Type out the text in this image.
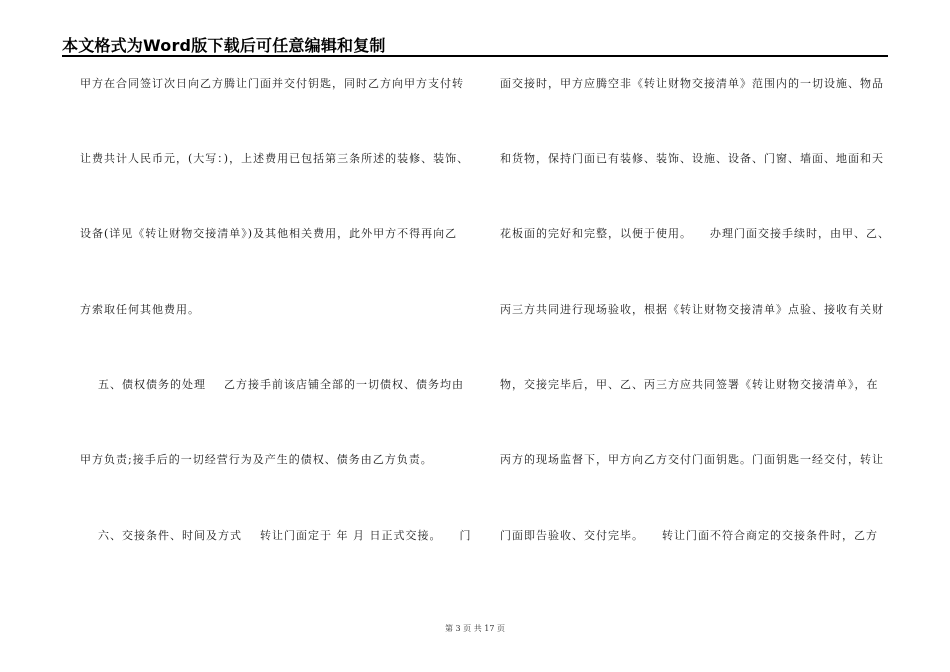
本文格式为Word版下载后可任意编辑和复制
甲方在合同签订次日向乙方腾让门面并交付钥匙，同时乙方向甲方支付转
让费共计人民币元，(大写：)，上述费用已包括第三条所述的装修、装饰、
设备(详见《转让财物交接清单》)及其他相关费用，此外甲方不得再向乙
方索取任何其他费用。
五、债权债务的处理    乙方接手前该店铺全部的一切债权、债务均由
甲方负责;接手后的一切经营行为及产生的债权、债务由乙方负责。
六、交接条件、时间及方式    转让门面定于 年 月 日正式交接。    门
面交接时，甲方应腾空非《转让财物交接清单》范围内的一切设施、物品
和货物，保持门面已有装修、装饰、设施、设备、门窗、墙面、地面和天
花板面的完好和完整，以便于使用。    办理门面交接手续时，由甲、乙、
丙三方共同进行现场验收，根据《转让财物交接清单》点验、接收有关财
物，交接完毕后，甲、乙、丙三方应共同签署《转让财物交接清单》，在
丙方的现场监督下，甲方向乙方交付门面钥匙。门面钥匙一经交付，转让
门面即告验收、交付完毕。    转让门面不符合商定的交接条件时，乙方
第 3 页 共 17 页
